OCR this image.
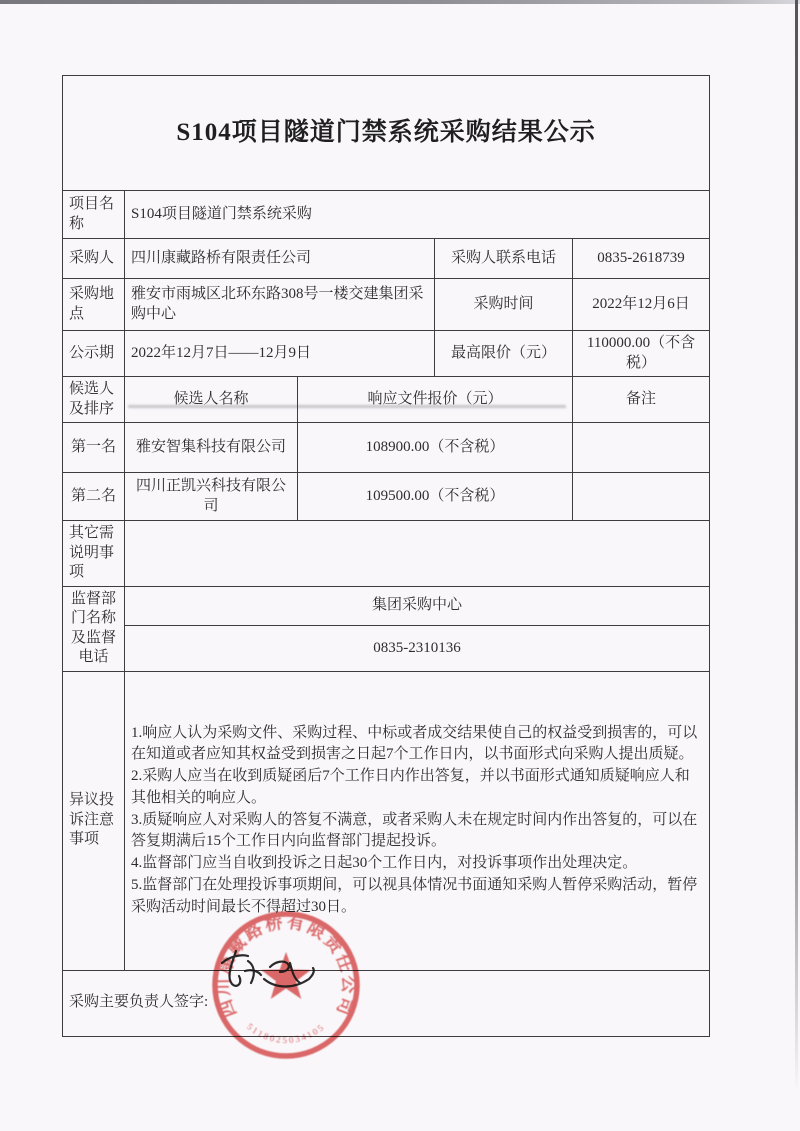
S104项目隧道门禁系统采购结果公示				
项目名称	S104项目隧道门禁系统采购			
采购人	四川康藏路桥有限责任公司		采购人联系电话	0835-2618739
采购地点	雅安市雨城区北环东路308号一楼交建集团采购中心		采购时间	2022年12月6日
公示期	2022年12月7日——12月9日		最高限价（元）	110000.00（不含税）
候选人及排序	候选人名称	响应文件报价（元）		备注
第一名	雅安智集科技有限公司	108900.00（不含税）		
第二名	四川正凯兴科技有限公司	109500.00（不含税）		
其它需说明事项				
监督部门名称及监督电话	集团采购中心			
	0835-2310136			
异议投诉注意事项	1.响应人认为采购文件、采购过程、中标或者成交结果使自己的权益受到损害的，可以在知道或者应知其权益受到损害之日起7个工作日内，以书面形式向采购人提出质疑。
2.采购人应当在收到质疑函后7个工作日内作出答复，并以书面形式通知质疑响应人和其他相关的响应人。
3.质疑响应人对采购人的答复不满意，或者采购人未在规定时间内作出答复的，可以在答复期满后15个工作日内向监督部门提起投诉。
4.监督部门应当自收到投诉之日起30个工作日内，对投诉事项作出处理决定。
5.监督部门在处理投诉事项期间，可以视具体情况书面通知采购人暂停采购活动，暂停采购活动时间最长不得超过30日。			

采购主要负责人签字:				四川康藏路桥有限责任公司
5118025034105
